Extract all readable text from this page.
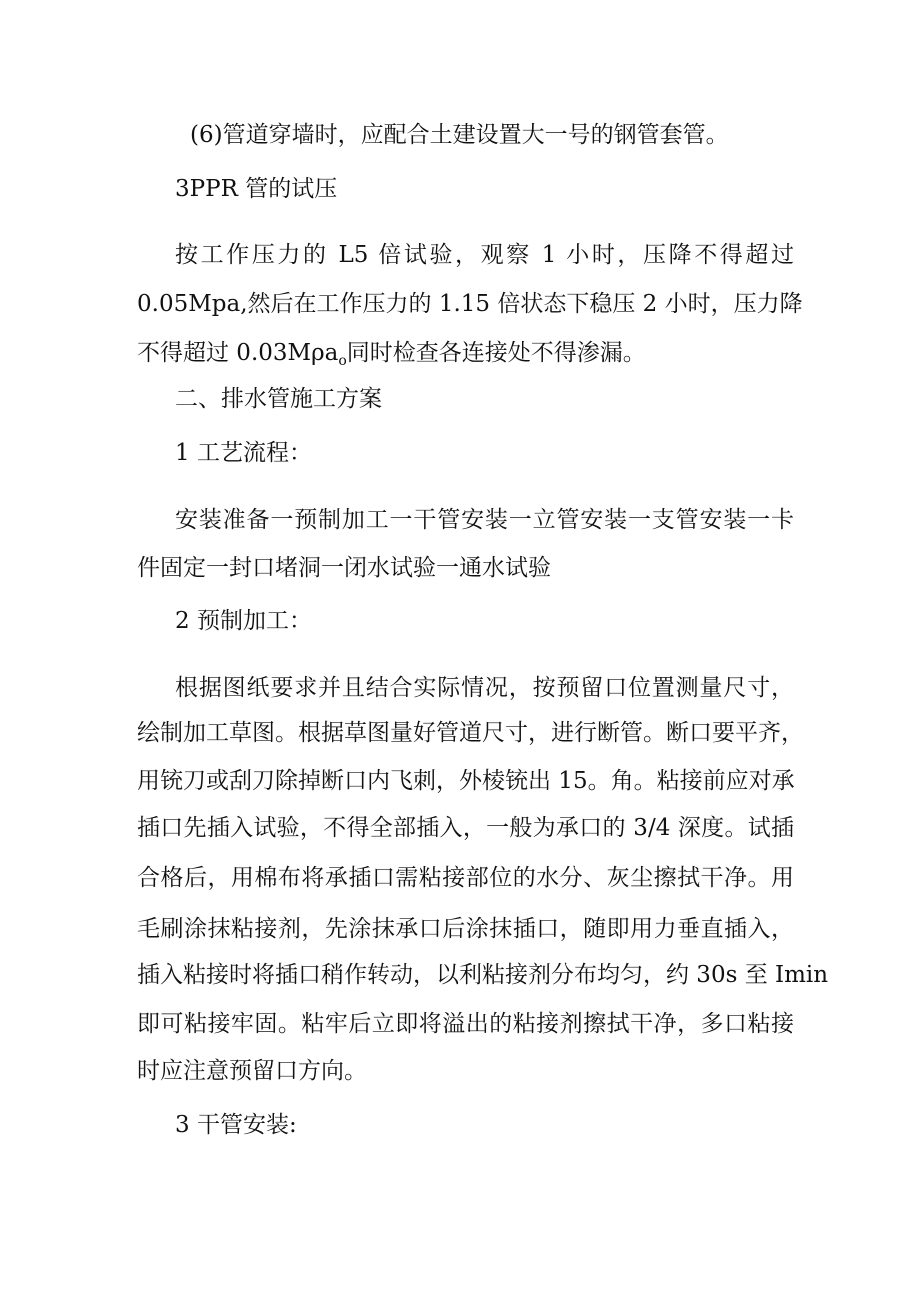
(6)管道穿墙时，应配合土建设置大一号的钢管套管。

3PPR 管的试压

按工作压力的 L5 倍试验，观察 1 小时，压降不得超过

0.05Mpa,然后在工作压力的 1.15 倍状态下稳压 2 小时，压力降

不得超过 0.03Mρa$_o$同时检查各连接处不得渗漏。

二、排水管施工方案

1 工艺流程：

安装准备一预制加工一干管安装一立管安装一支管安装一卡

件固定一封口堵洞一闭水试验一通水试验

2 预制加工：

根据图纸要求并且结合实际情况，按预留口位置测量尺寸，

绘制加工草图。根据草图量好管道尺寸，进行断管。断口要平齐，

用铳刀或刮刀除掉断口内飞刺，外棱铳出 15。角。粘接前应对承

插口先插入试验，不得全部插入，一般为承口的 3/4 深度。试插

合格后，用棉布将承插口需粘接部位的水分、灰尘擦拭干净。用

毛刷涂抹粘接剂，先涂抹承口后涂抹插口，随即用力垂直插入，

插入粘接时将插口稍作转动，以利粘接剂分布均匀，约 30s 至 Imin

即可粘接牢固。粘牢后立即将溢出的粘接剂擦拭干净，多口粘接

时应注意预留口方向。

3 干管安装:
